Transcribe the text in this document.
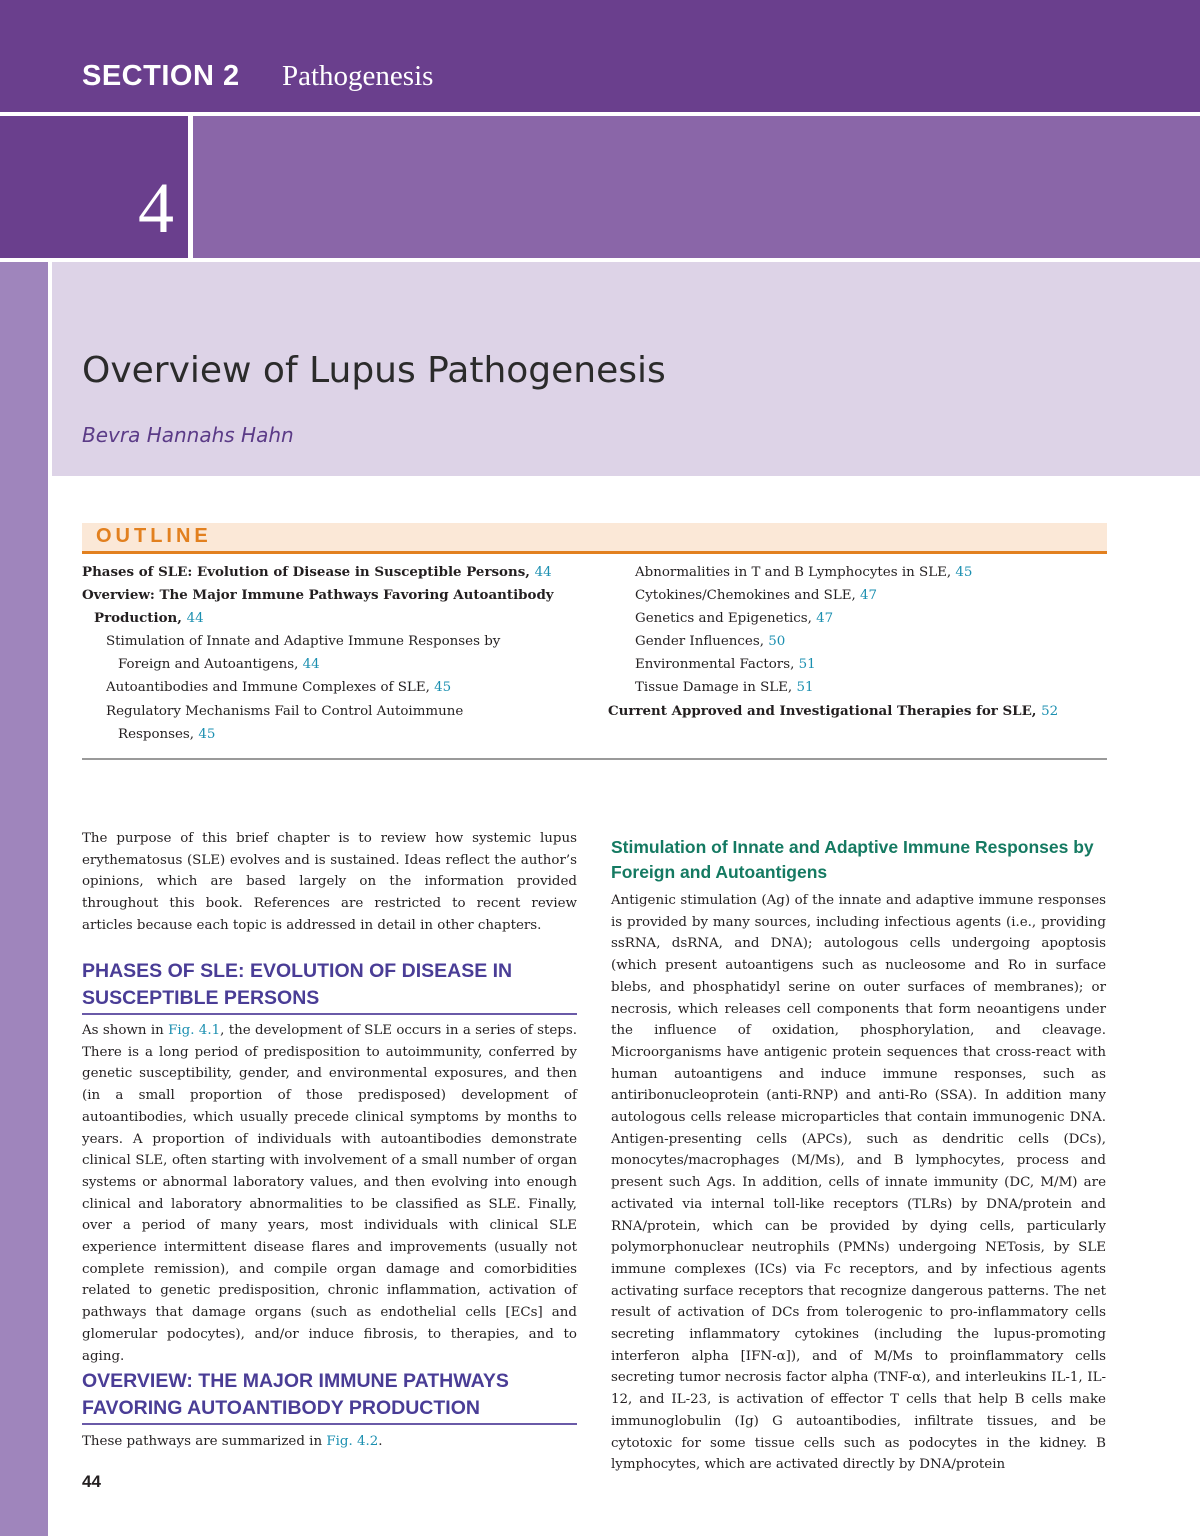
SECTION 2 Pathogenesis
4
Overview of Lupus Pathogenesis
Bevra Hannahs Hahn
OUTLINE
Phases of SLE: Evolution of Disease in Susceptible Persons, 44
Overview: The Major Immune Pathways Favoring Autoantibody
Production, 44
Stimulation of Innate and Adaptive Immune Responses by
Foreign and Autoantigens, 44
Autoantibodies and Immune Complexes of SLE, 45
Regulatory Mechanisms Fail to Control Autoimmune
Responses, 45
Abnormalities in T and B Lymphocytes in SLE, 45
Cytokines/Chemokines and SLE, 47
Genetics and Epigenetics, 47
Gender Influences, 50
Environmental Factors, 51
Tissue Damage in SLE, 51
Current Approved and Investigational Therapies for SLE, 52

The purpose of this brief chapter is to review how systemic lupus erythematosus (SLE) evolves and is sustained. Ideas reflect the author’s opinions, which are based largely on the information provided throughout this book. References are restricted to recent review articles because each topic is addressed in detail in other chapters.

PHASES OF SLE: EVOLUTION OF DISEASE IN SUSCEPTIBLE PERSONS

As shown in Fig. 4.1, the development of SLE occurs in a series of steps. There is a long period of predisposition to autoimmunity, conferred by genetic susceptibility, gender, and environmental exposures, and then (in a small proportion of those predisposed) development of autoantibodies, which usually precede clinical symptoms by months to years. A proportion of individuals with autoantibodies demonstrate clinical SLE, often starting with involvement of a small number of organ systems or abnormal laboratory values, and then evolving into enough clinical and laboratory abnormalities to be classified as SLE. Finally, over a period of many years, most individuals with clinical SLE experience intermittent disease flares and improvements (usually not complete remission), and compile organ damage and comorbidities related to genetic predisposition, chronic inflammation, activation of pathways that damage organs (such as endothelial cells [ECs] and glomerular podocytes), and/or induce fibrosis, to therapies, and to aging.

OVERVIEW: THE MAJOR IMMUNE PATHWAYS FAVORING AUTOANTIBODY PRODUCTION

These pathways are summarized in Fig. 4.2.

44
Stimulation of Innate and Adaptive Immune Responses by Foreign and Autoantigens

Antigenic stimulation (Ag) of the innate and adaptive immune responses is provided by many sources, including infectious agents (i.e., providing ssRNA, dsRNA, and DNA); autologous cells undergoing apoptosis (which present autoantigens such as nucleosome and Ro in surface blebs, and phosphatidyl serine on outer surfaces of membranes); or necrosis, which releases cell components that form neoantigens under the influence of oxidation, phosphorylation, and cleavage. Microorganisms have antigenic protein sequences that cross-react with human autoantigens and induce immune responses, such as antiribonucleoprotein (anti-RNP) and anti-Ro (SSA). In addition many autologous cells release microparticles that contain immunogenic DNA. Antigen-presenting cells (APCs), such as dendritic cells (DCs), monocytes/macrophages (M/Ms), and B lymphocytes, process and present such Ags. In addition, cells of innate immunity (DC, M/M) are activated via internal toll-like receptors (TLRs) by DNA/protein and RNA/protein, which can be provided by dying cells, particularly polymorphonuclear neutrophils (PMNs) undergoing NETosis, by SLE immune complexes (ICs) via Fc receptors, and by infectious agents activating surface receptors that recognize dangerous patterns. The net result of activation of DCs from tolerogenic to pro-inflammatory cells secreting inflammatory cytokines (including the lupus-promoting interferon alpha [IFN-α]), and of M/Ms to proinflammatory cells secreting tumor necrosis factor alpha (TNF-α), and interleukins IL-1, IL-12, and IL-23, is activation of effector T cells that help B cells make immunoglobulin (Ig) G autoantibodies, infiltrate tissues, and be cytotoxic for some tissue cells such as podocytes in the kidney. B lymphocytes, which are activated directly by DNA/protein
